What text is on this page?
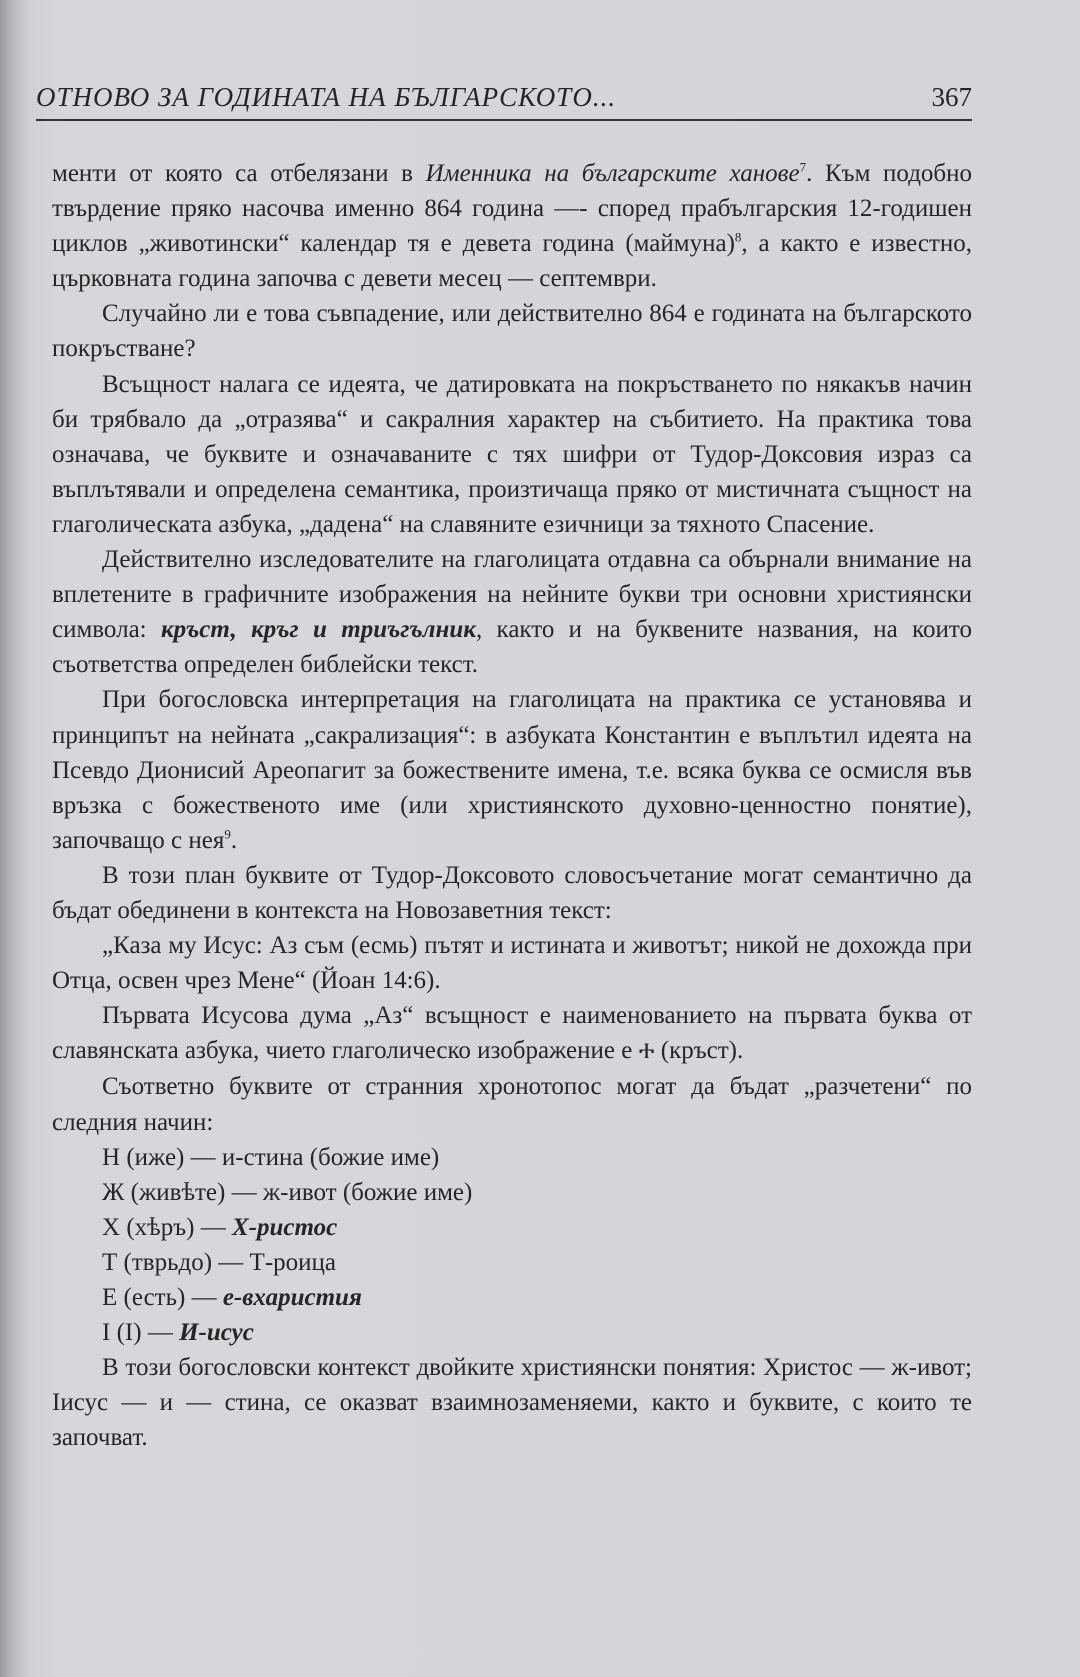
ОТНОВО ЗА ГОДИНАТА НА БЪЛГАРСКОТО...	367

менти от която са отбелязани в Именника на българските ханове$^7$. Към подобно твърдение пряко насочва именно 864 година —- според прабългарския 12-годишен циклов „животински“ календар тя е девета година (маймуна)$^8$, а както е известно, църковната година започва с девети месец — септември.

Случайно ли е това съвпадение, или действително 864 е годината на българското покръстване?

Всъщност налага се идеята, че датировката на покръстването по някакъв начин би трябвало да „отразява“ и сакралния характер на събитието. На практика това означава, че буквите и означаваните с тях шифри от Тудор-Доксовия израз са въплътявали и определена семантика, произтичаща пряко от мистичната същност на глаголическата азбука, „дадена“ на славяните езичници за тяхното Спасение.

Действително изследователите на глаголицата отдавна са обърнали внимание на вплетените в графичните изображения на нейните букви три основни християнски символа: кръст, кръг и триъгълник, както и на буквените названия, на които съответства определен библейски текст.

При богословска интерпретация на глаголицата на практика се установява и принципът на нейната „сакрализация“: в азбуката Константин е въплътил идеята на Псевдо Дионисий Ареопагит за божествените имена, т.е. всяка буква се осмисля във връзка с божественото име (или християнското духовно-ценностно понятие), започващо с нея$^9$.

В този план буквите от Тудор-Доксовото словосъчетание могат семантично да бъдат обединени в контекста на Новозаветния текст:

„Каза му Исус: Аз съм (есмь) пътят и истината и животът; никой не дохожда при Отца, освен чрез Мене“ (Йоан 14:6).

Първата Исусова дума „Аз“ всъщност е наименованието на първата буква от славянската азбука, чието глаголическо изображение е Ⰰ (кръст).

Съответно буквите от странния хронотопос могат да бъдат „разчетени“ по следния начин:

Н (иже) — и-стина (божие име)

Ж (живѣте) — ж-ивот (божие име)

Х (хѣръ) — Х-ристос

Т (тврьдо) — Т-роица

Е (есть) — е-вхаристия

І (І) — И-исус

В този богословски контекст двойките християнски понятия: Христос — ж-ивот; Іисус — и — стина, се оказват взаимнозаменяеми, както и буквите, с които те започват.
